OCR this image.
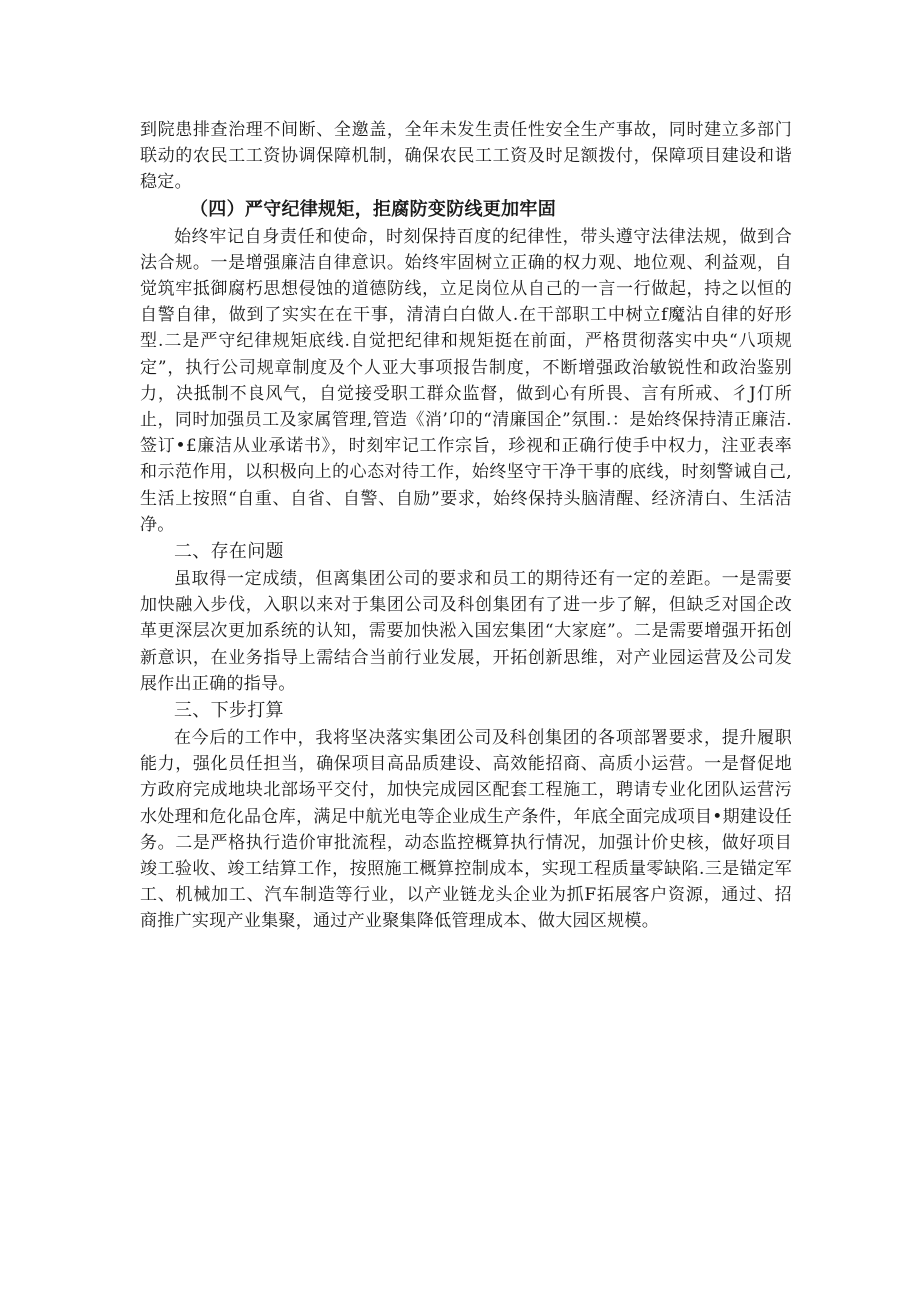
到院患排查治理不间断、全邀盖，全年未发生责任性安全生产事故，同时建立多部门联动的农民工工资协调保障机制，确保农民工工资及时足额拨付，保障项目建设和谐稳定。

（四）严守纪律规矩，拒腐防变防线更加牢固

始终牢记自身责任和使命，时刻保持百度的纪律性，带头遵守法律法规，做到合法合规。一是增强廉洁自律意识。始终牢固树立正确的权力观、地位观、利益观，自觉筑牢抵御腐朽思想侵蚀的道德防线，立足岗位从自己的一言一行做起，持之以恒的自警自律，做到了实实在在干事，清清白白做人.在干部职工中树立f魔沾自律的好形型.二是严守纪律规矩底线.自觉把纪律和规矩挺在前面，严格贯彻落实中央“八项规定”，执行公司规章制度及个人亚大事项报告制度，不断增强政治敏锐性和政治鉴别力，决抵制不良风气，自觉接受职工群众监督，做到心有所畏、言有所戒、彳J仃所止，同时加强员工及家属管理,管造《消’卬的“清廉国企”氛围.：是始终保持清正廉洁.签订•£廉洁从业承诺书》，时刻牢记工作宗旨，珍视和正确行使手中权力，注亚表率和示范作用，以积极向上的心态对待工作，始终坚守干净干事的底线，时刻警诫自己,生活上按照“自重、自省、自警、自励”要求，始终保持头脑清醒、经济清白、生活洁净。

二、存在问题

虽取得一定成绩，但离集团公司的要求和员工的期待还有一定的差距。一是需要加快融入步伐，入职以来对于集团公司及科创集团有了进一步了解，但缺乏对国企改革更深层次更加系统的认知，需要加快淞入国宏集团“大家庭”。二是需要增强开拓创新意识，在业务指导上需结合当前行业发展，开拓创新思维，对产业园运营及公司发展作出正确的指导。

三、下步打算

在今后的工作中，我将坚决落实集团公司及科创集团的各项部署要求，提升履职能力，强化员任担当，确保项目高品质建设、高效能招商、高质小运营。一是督促地方政府完成地块北部场平交付，加快完成园区配套工程施工，聘请专业化团队运营污水处理和危化品仓库，满足中航光电等企业成生产条件，年底全面完成项目•期建设任务。二是严格执行造价审批流程，动态监控概算执行情况，加强计价史核，做好项目竣工验收、竣工结算工作，按照施工概算控制成本，实现工程质量零缺陷.三是锚定军工、机械加工、汽车制造等行业，以产业链龙头企业为抓F拓展客户资源，通过、招商推广实现产业集聚，通过产业聚集降低管理成本、做大园区规模。
